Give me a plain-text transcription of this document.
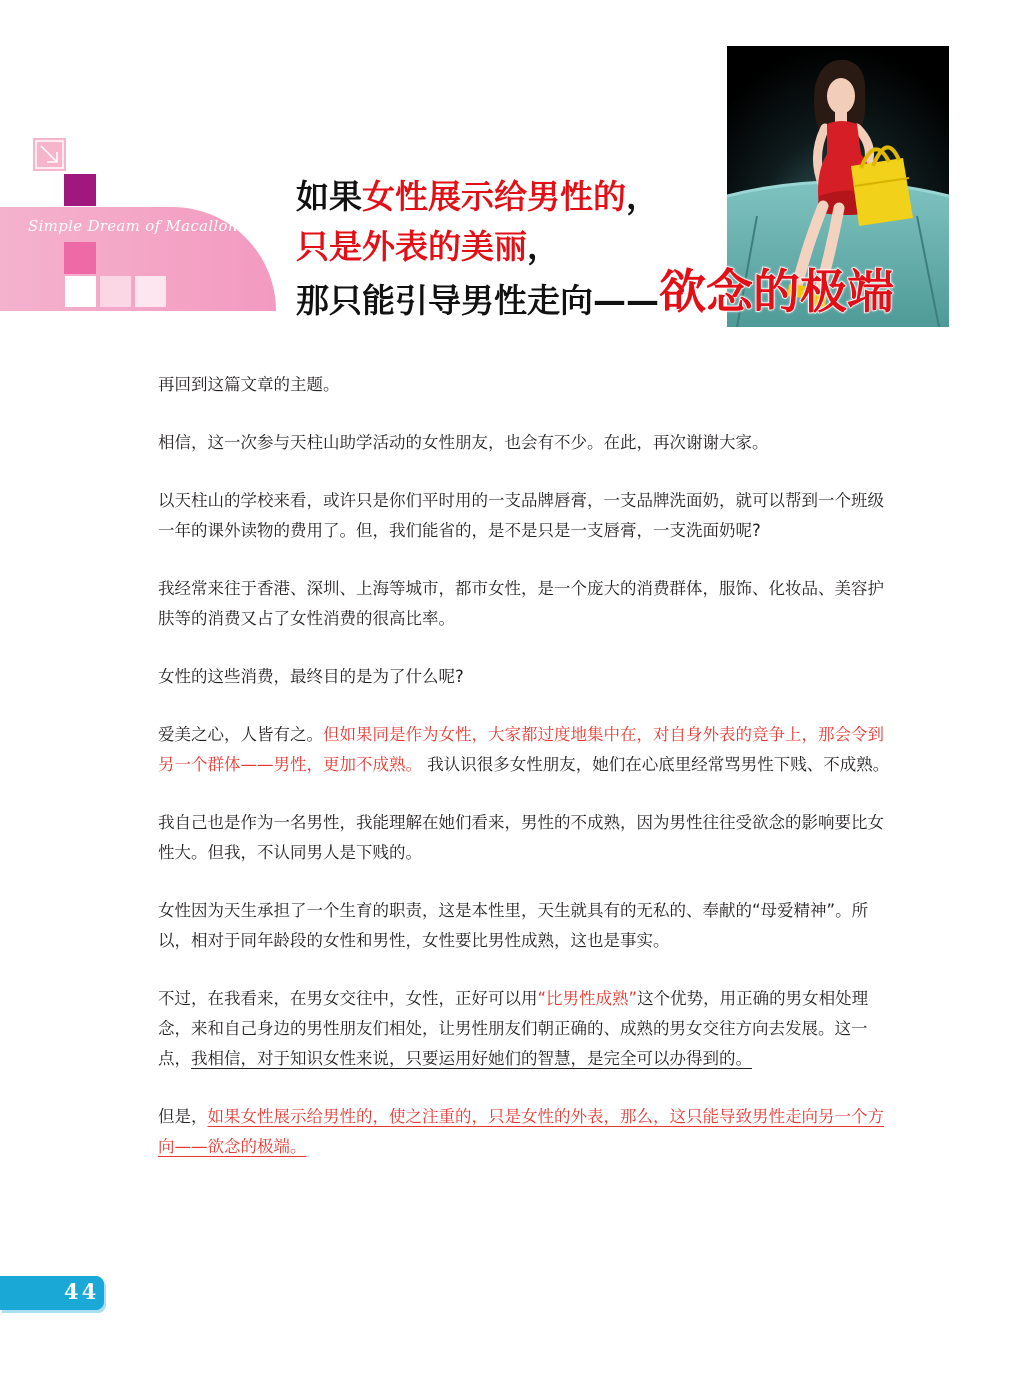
Simple Dream of Macallon
如果女性展示给男性的，
只是外表的美丽，
那只能引导男性走向——欲念的极端

再回到这篇文章的主题。

相信，这一次参与天柱山助学活动的女性朋友，也会有不少。在此，再次谢谢大家。

以天柱山的学校来看，或许只是你们平时用的一支品牌唇膏，一支品牌洗面奶，就可以帮到一个班级一年的课外读物的费用了。但，我们能省的，是不是只是一支唇膏，一支洗面奶呢?

我经常来往于香港、深圳、上海等城市，都市女性，是一个庞大的消费群体，服饰、化妆品、美容护肤等的消费又占了女性消费的很高比率。

女性的这些消费，最终目的是为了什么呢?

爱美之心，人皆有之。但如果同是作为女性，大家都过度地集中在，对自身外表的竞争上，那会令到另一个群体——男性，更加不成熟。 我认识很多女性朋友，她们在心底里经常骂男性下贱、不成熟。

我自己也是作为一名男性，我能理解在她们看来，男性的不成熟，因为男性往往受欲念的影响要比女性大。但我，不认同男人是下贱的。

女性因为天生承担了一个生育的职责，这是本性里，天生就具有的无私的、奉献的“母爱精神”。所以，相对于同年龄段的女性和男性，女性要比男性成熟，这也是事实。

不过，在我看来，在男女交往中，女性，正好可以用“比男性成熟”这个优势，用正确的男女相处理念，来和自己身边的男性朋友们相处，让男性朋友们朝正确的、成熟的男女交往方向去发展。这一点，我相信，对于知识女性来说，只要运用好她们的智慧，是完全可以办得到的。

但是，如果女性展示给男性的，使之注重的，只是女性的外表，那么，这只能导致男性走向另一个方向——欲念的极端。

44
